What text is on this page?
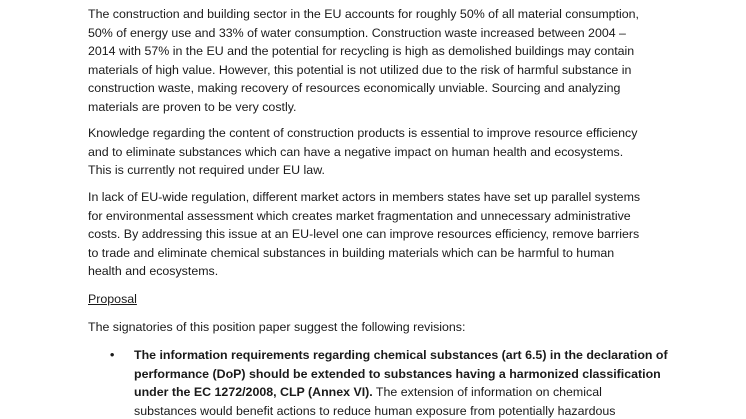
The construction and building sector in the EU accounts for roughly 50% of all material consumption,
50% of energy use and 33% of water consumption. Construction waste increased between 2004 –
2014 with 57% in the EU and the potential for recycling is high as demolished buildings may contain
materials of high value. However, this potential is not utilized due to the risk of harmful substance in
construction waste, making recovery of resources economically unviable. Sourcing and analyzing
materials are proven to be very costly.

Knowledge regarding the content of construction products is essential to improve resource efficiency
and to eliminate substances which can have a negative impact on human health and ecosystems.
This is currently not required under EU law.

In lack of EU-wide regulation, different market actors in members states have set up parallel systems
for environmental assessment which creates market fragmentation and unnecessary administrative
costs. By addressing this issue at an EU-level one can improve resources efficiency, remove barriers
to trade and eliminate chemical substances in building materials which can be harmful to human
health and ecosystems.

Proposal

The signatories of this position paper suggest the following revisions:

• The information requirements regarding chemical substances (art 6.5) in the declaration of
performance (DoP) should be extended to substances having a harmonized classification
under the EC 1272/2008, CLP (Annex VI). The extension of information on chemical
substances would benefit actions to reduce human exposure from potentially hazardous
